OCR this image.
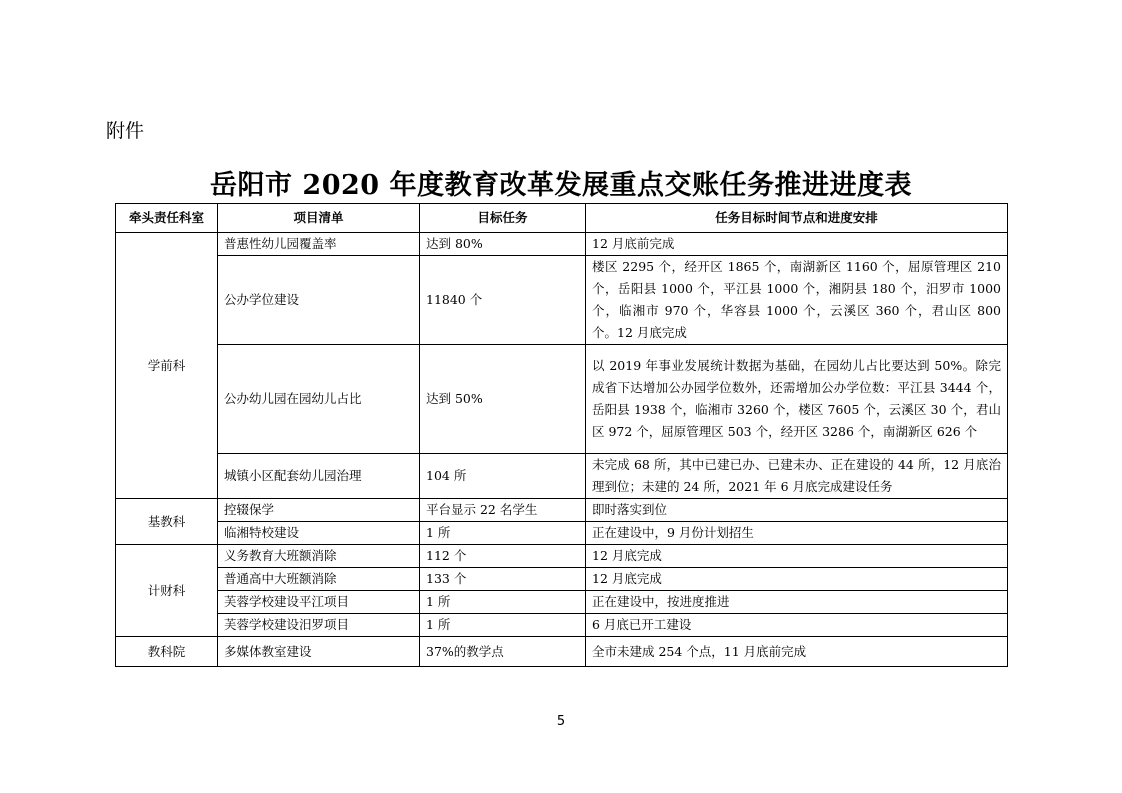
附件
岳阳市 2020 年度教育改革发展重点交账任务推进进度表
牵头责任科室	项目清单	目标任务	任务目标时间节点和进度安排
学前科	普惠性幼儿园覆盖率	达到 80%	12 月底前完成
	公办学位建设	11840 个	楼区 2295 个，经开区 1865 个，南湖新区 1160 个，屈原管理区 210 个，岳阳县 1000 个，平江县 1000 个，湘阴县 180 个，汨罗市 1000 个，临湘市 970 个，华容县 1000 个，云溪区 360 个，君山区 800 个。12 月底完成
	公办幼儿园在园幼儿占比	达到 50%	以 2019 年事业发展统计数据为基础，在园幼儿占比要达到 50%。除完成省下达增加公办园学位数外，还需增加公办学位数：平江县 3444 个，岳阳县 1938 个，临湘市 3260 个，楼区 7605 个，云溪区 30 个，君山区 972 个，屈原管理区 503 个，经开区 3286 个，南湖新区 626 个
	城镇小区配套幼儿园治理	104 所	未完成 68 所，其中已建已办、已建未办、正在建设的 44 所，12 月底治理到位；未建的 24 所，2021 年 6 月底完成建设任务
基教科	控辍保学	平台显示 22 名学生	即时落实到位
	临湘特校建设	1 所	正在建设中，9 月份计划招生
计财科	义务教育大班额消除	112 个	12 月底完成
	普通高中大班额消除	133 个	12 月底完成
	芙蓉学校建设平江项目	1 所	正在建设中，按进度推进
	芙蓉学校建设汨罗项目	1 所	6 月底已开工建设
教科院	多媒体教室建设	37%的教学点	全市未建成 254 个点，11 月底前完成
5
